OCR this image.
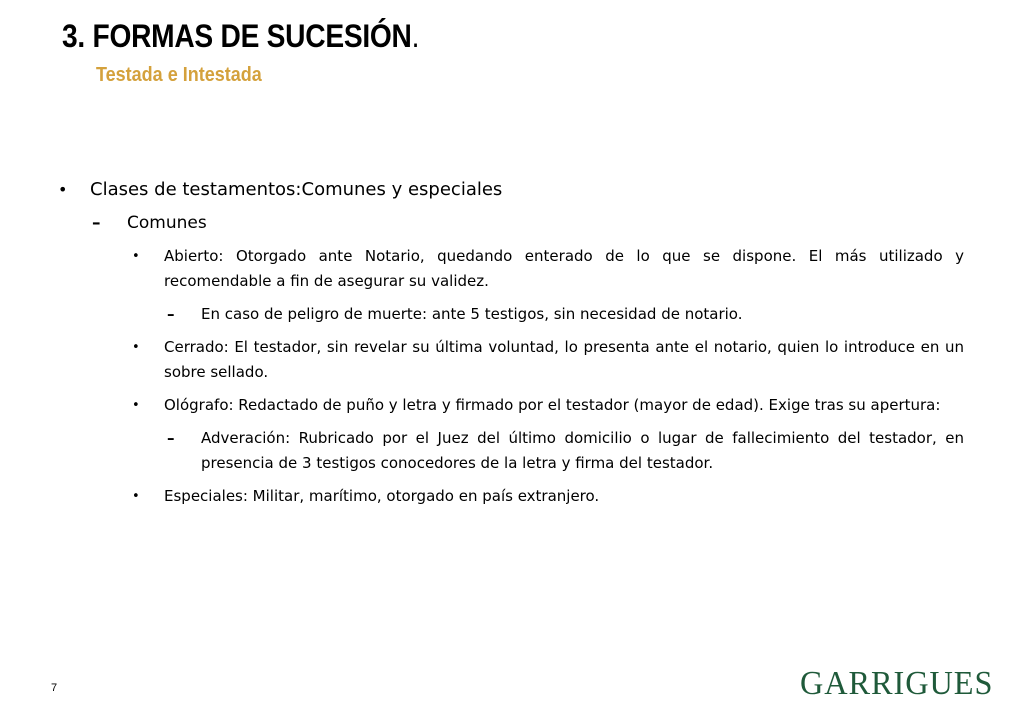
3. FORMAS DE SUCESIÓN.
Testada e Intestada
• Clases de testamentos:Comunes y especiales
– Comunes
• Abierto: Otorgado ante Notario, quedando enterado de lo que se dispone. El más utilizado y recomendable a fin de asegurar su validez.
– En caso de peligro de muerte: ante 5 testigos, sin necesidad de notario.
• Cerrado: El testador, sin revelar su última voluntad, lo presenta ante el notario, quien lo introduce en un sobre sellado.
• Ológrafo: Redactado de puño y letra y firmado por el testador (mayor de edad). Exige tras su apertura:
– Adveración: Rubricado por el Juez del último domicilio o lugar de fallecimiento del testador, en presencia de 3 testigos conocedores de la letra y firma del testador.
• Especiales: Militar, marítimo, otorgado en país extranjero.
7	GARRIGUES
